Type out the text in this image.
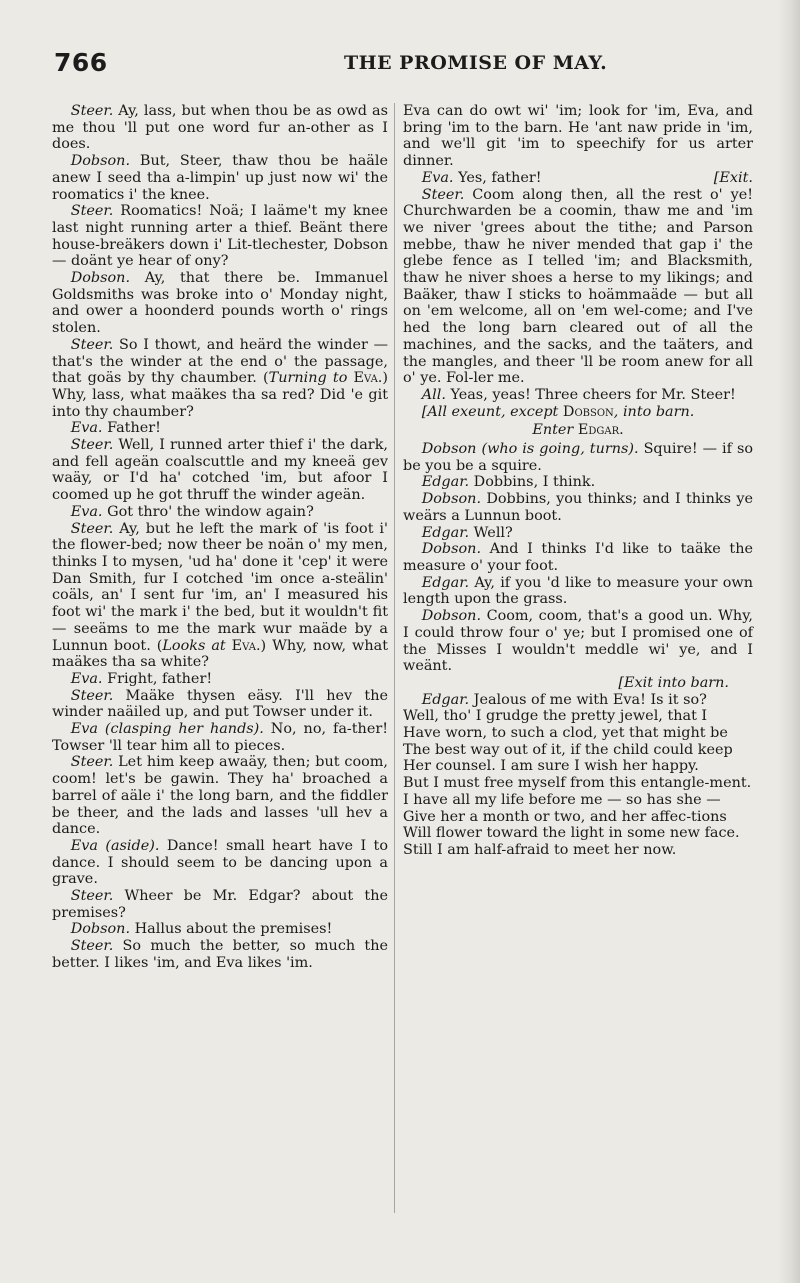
766	THE PROMISE OF MAY.

Steer. Ay, lass, but when thou be as owd as me thou 'll put one word fur an-other as I does.

Dobson. But, Steer, thaw thou be haäle anew I seed tha a-limpin' up just now wi' the roomatics i' the knee.

Steer. Roomatics! Noä; I laäme't my knee last night running arter a thief. Beänt there house-breäkers down i' Lit-tlechester, Dobson — doänt ye hear of ony?

Dobson. Ay, that there be. Immanuel Goldsmiths was broke into o' Monday night, and ower a hoonderd pounds worth o' rings stolen.

Steer. So I thowt, and heärd the winder — that's the winder at the end o' the passage, that goäs by thy chaumber. (Turning to Eva.) Why, lass, what maäkes tha sa red? Did 'e git into thy chaumber?

Eva. Father!

Steer. Well, I runned arter thief i' the dark, and fell ageän coalscuttle and my kneeä gev waäy, or I'd ha' cotched 'im, but afoor I coomed up he got thruff the winder ageän.

Eva. Got thro' the window again?

Steer. Ay, but he left the mark of 'is foot i' the flower-bed; now theer be noän o' my men, thinks I to mysen, 'ud ha' done it 'cep' it were Dan Smith, fur I cotched 'im once a-steälin' coäls, an' I sent fur 'im, an' I measured his foot wi' the mark i' the bed, but it wouldn't fit — seeäms to me the mark wur maäde by a Lunnun boot. (Looks at Eva.) Why, now, what maäkes tha sa white?

Eva. Fright, father!

Steer. Maäke thysen eäsy. I'll hev the winder naäiled up, and put Towser under it.

Eva (clasping her hands). No, no, fa-ther! Towser 'll tear him all to pieces.

Steer. Let him keep awaäy, then; but coom, coom! let's be gawin. They ha' broached a barrel of aäle i' the long barn, and the fiddler be theer, and the lads and lasses 'ull hev a dance.

Eva (aside). Dance! small heart have I to dance. I should seem to be dancing upon a grave.

Steer. Wheer be Mr. Edgar? about the premises?

Dobson. Hallus about the premises!

Steer. So much the better, so much the better. I likes 'im, and Eva likes 'im.

Eva can do owt wi' 'im; look for 'im, Eva, and bring 'im to the barn. He 'ant naw pride in 'im, and we'll git 'im to speechify for us arter dinner.

Eva. Yes, father!	[Exit.

Steer. Coom along then, all the rest o' ye! Churchwarden be a coomin, thaw me and 'im we niver 'grees about the tithe; and Parson mebbe, thaw he niver mended that gap i' the glebe fence as I telled 'im; and Blacksmith, thaw he niver shoes a herse to my likings; and Baäker, thaw I sticks to hoämmaäde — but all on 'em welcome, all on 'em wel-come; and I've hed the long barn cleared out of all the machines, and the sacks, and the taäters, and the mangles, and theer 'll be room anew for all o' ye. Fol-ler me.

All. Yeas, yeas! Three cheers for Mr. Steer!

[All exeunt, except Dobson, into barn.

Enter Edgar.

Dobson (who is going, turns). Squire! — if so be you be a squire.

Edgar. Dobbins, I think.

Dobson. Dobbins, you thinks; and I thinks ye weärs a Lunnun boot.

Edgar. Well?

Dobson. And I thinks I'd like to taäke the measure o' your foot.

Edgar. Ay, if you 'd like to measure your own length upon the grass.

Dobson. Coom, coom, that's a good un. Why, I could throw four o' ye; but I promised one of the Misses I wouldn't meddle wi' ye, and I weänt.

[Exit into barn.

Edgar. Jealous of me with Eva! Is it so?

Well, tho' I grudge the pretty jewel, that I

Have worn, to such a clod, yet that might be

The best way out of it, if the child could keep

Her counsel. I am sure I wish her happy.

But I must free myself from this entangle-ment.

I have all my life before me — so has she —

Give her a month or two, and her affec-tions

Will flower toward the light in some new face.

Still I am half-afraid to meet her now.
